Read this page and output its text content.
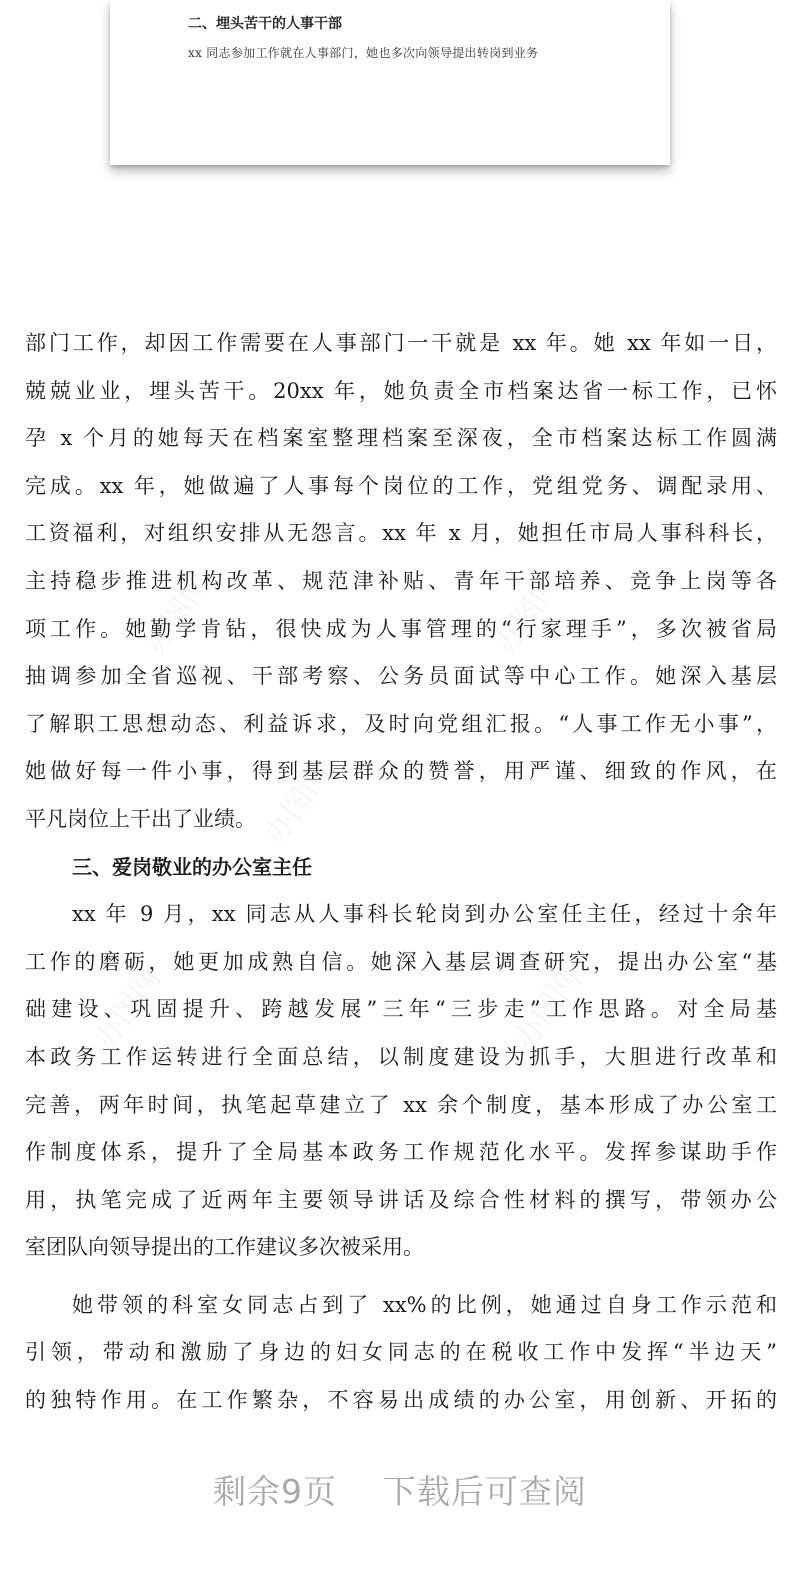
二、埋头苦干的人事干部

xx 同志参加工作就在人事部门，她也多次向领导提出转岗到业务

部门工作，却因工作需要在人事部门一干就是 xx 年。她 xx 年如一日，
兢兢业业，埋头苦干。20xx 年，她负责全市档案达省一标工作，已怀
孕 x 个月的她每天在档案室整理档案至深夜，全市档案达标工作圆满
完成。xx 年，她做遍了人事每个岗位的工作，党组党务、调配录用、
工资福利，对组织安排从无怨言。xx 年 x 月，她担任市局人事科科长，
主持稳步推进机构改革、规范津补贴、青年干部培养、竞争上岗等各
项工作。她勤学肯钻，很快成为人事管理的“行家理手”，多次被省局
抽调参加全省巡视、干部考察、公务员面试等中心工作。她深入基层
了解职工思想动态、利益诉求，及时向党组汇报。“人事工作无小事”，
她做好每一件小事，得到基层群众的赞誉，用严谨、细致的作风，在
平凡岗位上干出了业绩。
三、爱岗敬业的办公室主任
xx 年 9 月，xx 同志从人事科长轮岗到办公室任主任，经过十余年
工作的磨砺，她更加成熟自信。她深入基层调查研究，提出办公室“基
础建设、巩固提升、跨越发展”三年“三步走”工作思路。对全局基
本政务工作运转进行全面总结，以制度建设为抓手，大胆进行改革和
完善，两年时间，执笔起草建立了 xx 余个制度，基本形成了办公室工
作制度体系，提升了全局基本政务工作规范化水平。发挥参谋助手作
用，执笔完成了近两年主要领导讲话及综合性材料的撰写，带领办公
室团队向领导提出的工作建议多次被采用。
她带领的科室女同志占到了 xx%的比例，她通过自身工作示范和
引领，带动和激励了身边的妇女同志的在税收工作中发挥“半边天”
的独特作用。在工作繁杂，不容易出成绩的办公室，用创新、开拓的
剩余9页    下载后可查阅
